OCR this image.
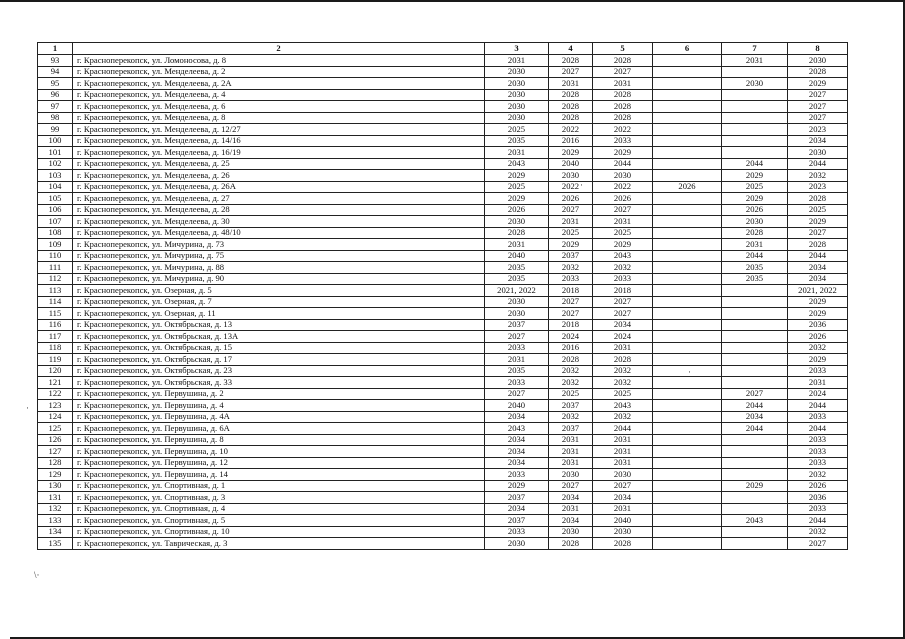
1	2	3	4	5	6	7	8
93	г. Красноперекопск, ул. Ломоносова, д. 8	2031	2028	2028		2031	2030
94	г. Красноперекопск, ул. Менделеева, д. 2	2030	2027	2027			2028
95	г. Красноперекопск, ул. Менделеева, д. 2А	2030	2031	2031		2030	2029
96	г. Красноперекопск, ул. Менделеева, д. 4	2030	2028	2028			2027
97	г. Красноперекопск, ул. Менделеева, д. 6	2030	2028	2028			2027
98	г. Красноперекопск, ул. Менделеева, д. 8	2030	2028	2028			2027
99	г. Красноперекопск, ул. Менделеева, д. 12/27	2025	2022	2022			2023
100	г. Красноперекопск, ул. Менделеева, д. 14/16	2035	2016	2033			2034
101	г. Красноперекопск, ул. Менделеева, д. 16/19	2031	2029	2029			2030
102	г. Красноперекопск, ул. Менделеева, д. 25	2043	2040	2044		2044	2044
103	г. Красноперекопск, ул. Менделеева, д. 26	2029	2030	2030		2029	2032
104	г. Красноперекопск, ул. Менделеева, д. 26А	2025	2022	2022	2026	2025	2023
105	г. Красноперекопск, ул. Менделеева, д. 27	2029	2026	2026		2029	2028
106	г. Красноперекопск, ул. Менделеева, д. 28	2026	2027	2027		2026	2025
107	г. Красноперекопск, ул. Менделеева, д. 30	2030	2031	2031		2030	2029
108	г. Красноперекопск, ул. Менделеева, д. 48/10	2028	2025	2025		2028	2027
109	г. Красноперекопск, ул. Мичурина, д. 73	2031	2029	2029		2031	2028
110	г. Красноперекопск, ул. Мичурина, д. 75	2040	2037	2043		2044	2044
111	г. Красноперекопск, ул. Мичурина, д. 88	2035	2032	2032		2035	2034
112	г. Красноперекопск, ул. Мичурина, д. 90	2035	2033	2033		2035	2034
113	г. Красноперекопск, ул. Озерная, д. 5	2021, 2022	2018	2018			2021, 2022
114	г. Красноперекопск, ул. Озерная, д. 7	2030	2027	2027			2029
115	г. Красноперекопск, ул. Озерная, д. 11	2030	2027	2027			2029
116	г. Красноперекопск, ул. Октябрьская, д. 13	2037	2018	2034			2036
117	г. Красноперекопск, ул. Октябрьская, д. 13А	2027	2024	2024			2026
118	г. Красноперекопск, ул. Октябрьская, д. 15	2033	2016	2031			2032
119	г. Красноперекопск, ул. Октябрьская, д. 17	2031	2028	2028			2029
120	г. Красноперекопск, ул. Октябрьская, д. 23	2035	2032	2032			2033
121	г. Красноперекопск, ул. Октябрьская, д. 33	2033	2032	2032			2031
122	г. Красноперекопск, ул. Первушина, д. 2	2027	2025	2025		2027	2024
123	г. Красноперекопск, ул. Первушина, д. 4	2040	2037	2043		2044	2044
124	г. Красноперекопск, ул. Первушина, д. 4А	2034	2032	2032		2034	2033
125	г. Красноперекопск, ул. Первушина, д. 6А	2043	2037	2044		2044	2044
126	г. Красноперекопск, ул. Первушина, д. 8	2034	2031	2031			2033
127	г. Красноперекопск, ул. Первушина, д. 10	2034	2031	2031			2033
128	г. Красноперекопск, ул. Первушина, д. 12	2034	2031	2031			2033
129	г. Красноперекопск, ул. Первушина, д. 14	2033	2030	2030			2032
130	г. Красноперекопск, ул. Спортивная, д. 1	2029	2027	2027		2029	2026
131	г. Красноперекопск, ул. Спортивная, д. 3	2037	2034	2034			2036
132	г. Красноперекопск, ул. Спортивная, д. 4	2034	2031	2031			2033
133	г. Красноперекопск, ул. Спортивная, д. 5	2037	2034	2040		2043	2044
134	г. Красноперекопск, ул. Спортивная, д. 10	2033	2030	2030			2032
135	г. Красноперекопск, ул. Таврическая, д. 3	2030	2028	2028			2027
·
·
·
\·
